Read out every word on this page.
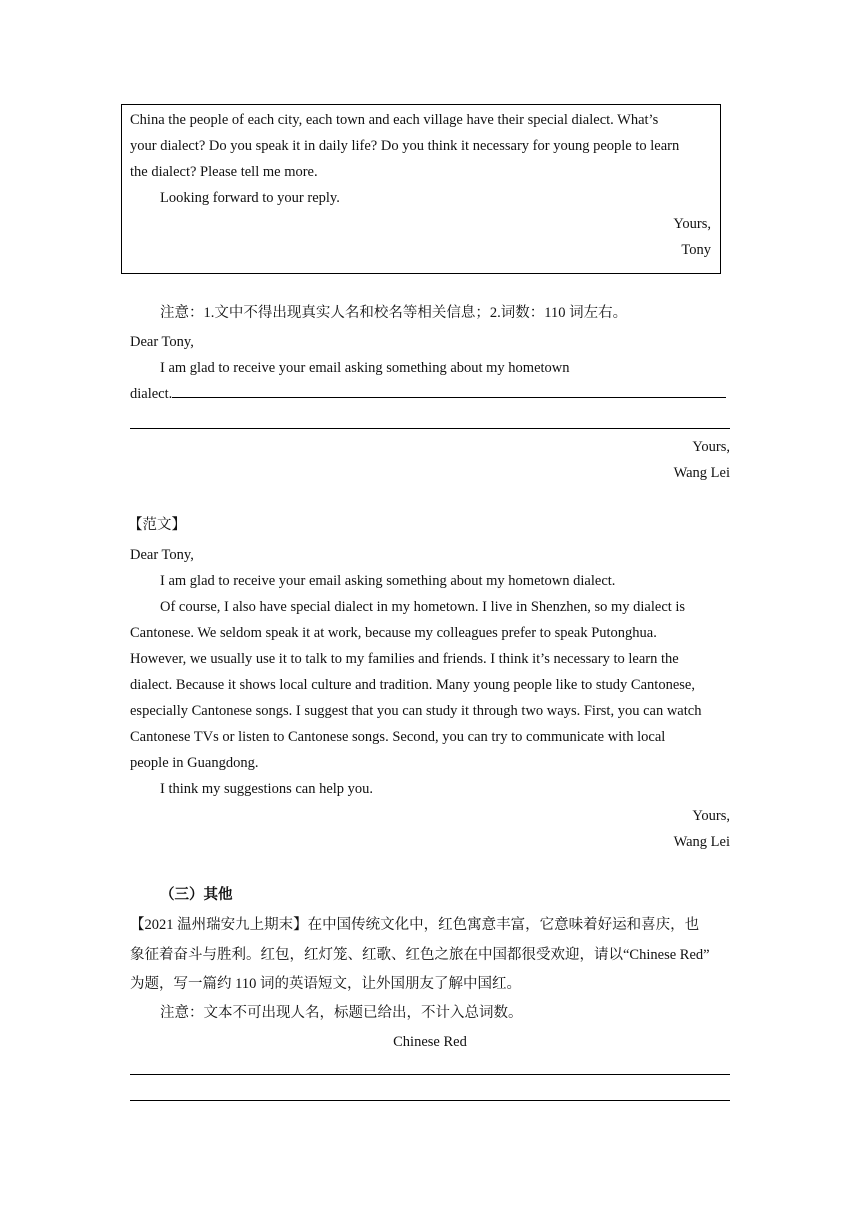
China the people of each city, each town and each village have their special dialect. What’s
your dialect? Do you speak it in daily life? Do you think it necessary for young people to learn
the dialect? Please tell me more.
Looking forward to your reply.
Yours,
Tony
注意：1.文中不得出现真实人名和校名等相关信息；2.词数：110 词左右。
Dear Tony,
I am glad to receive your email asking something about my hometown
dialect.
Yours,
Wang Lei
【范文】
Dear Tony,
I am glad to receive your email asking something about my hometown dialect.
Of course, I also have special dialect in my hometown. I live in Shenzhen, so my dialect is
Cantonese. We seldom speak it at work, because my colleagues prefer to speak Putonghua.
However, we usually use it to talk to my families and friends. I think it’s necessary to learn the
dialect. Because it shows local culture and tradition. Many young people like to study Cantonese,
especially Cantonese songs. I suggest that you can study it through two ways. First, you can watch
Cantonese TVs or listen to Cantonese songs. Second, you can try to communicate with local
people in Guangdong.
I think my suggestions can help you.
Yours,
Wang Lei
（三）其他
【2021 温州瑞安九上期末】在中国传统文化中，红色寓意丰富，它意味着好运和喜庆，也
象征着奋斗与胜利。红包，红灯笼、红歌、红色之旅在中国都很受欢迎，请以“Chinese Red”
为题，写一篇约 110 词的英语短文，让外国朋友了解中国红。
注意：文本不可出现人名，标题已给出，不计入总词数。
Chinese Red
